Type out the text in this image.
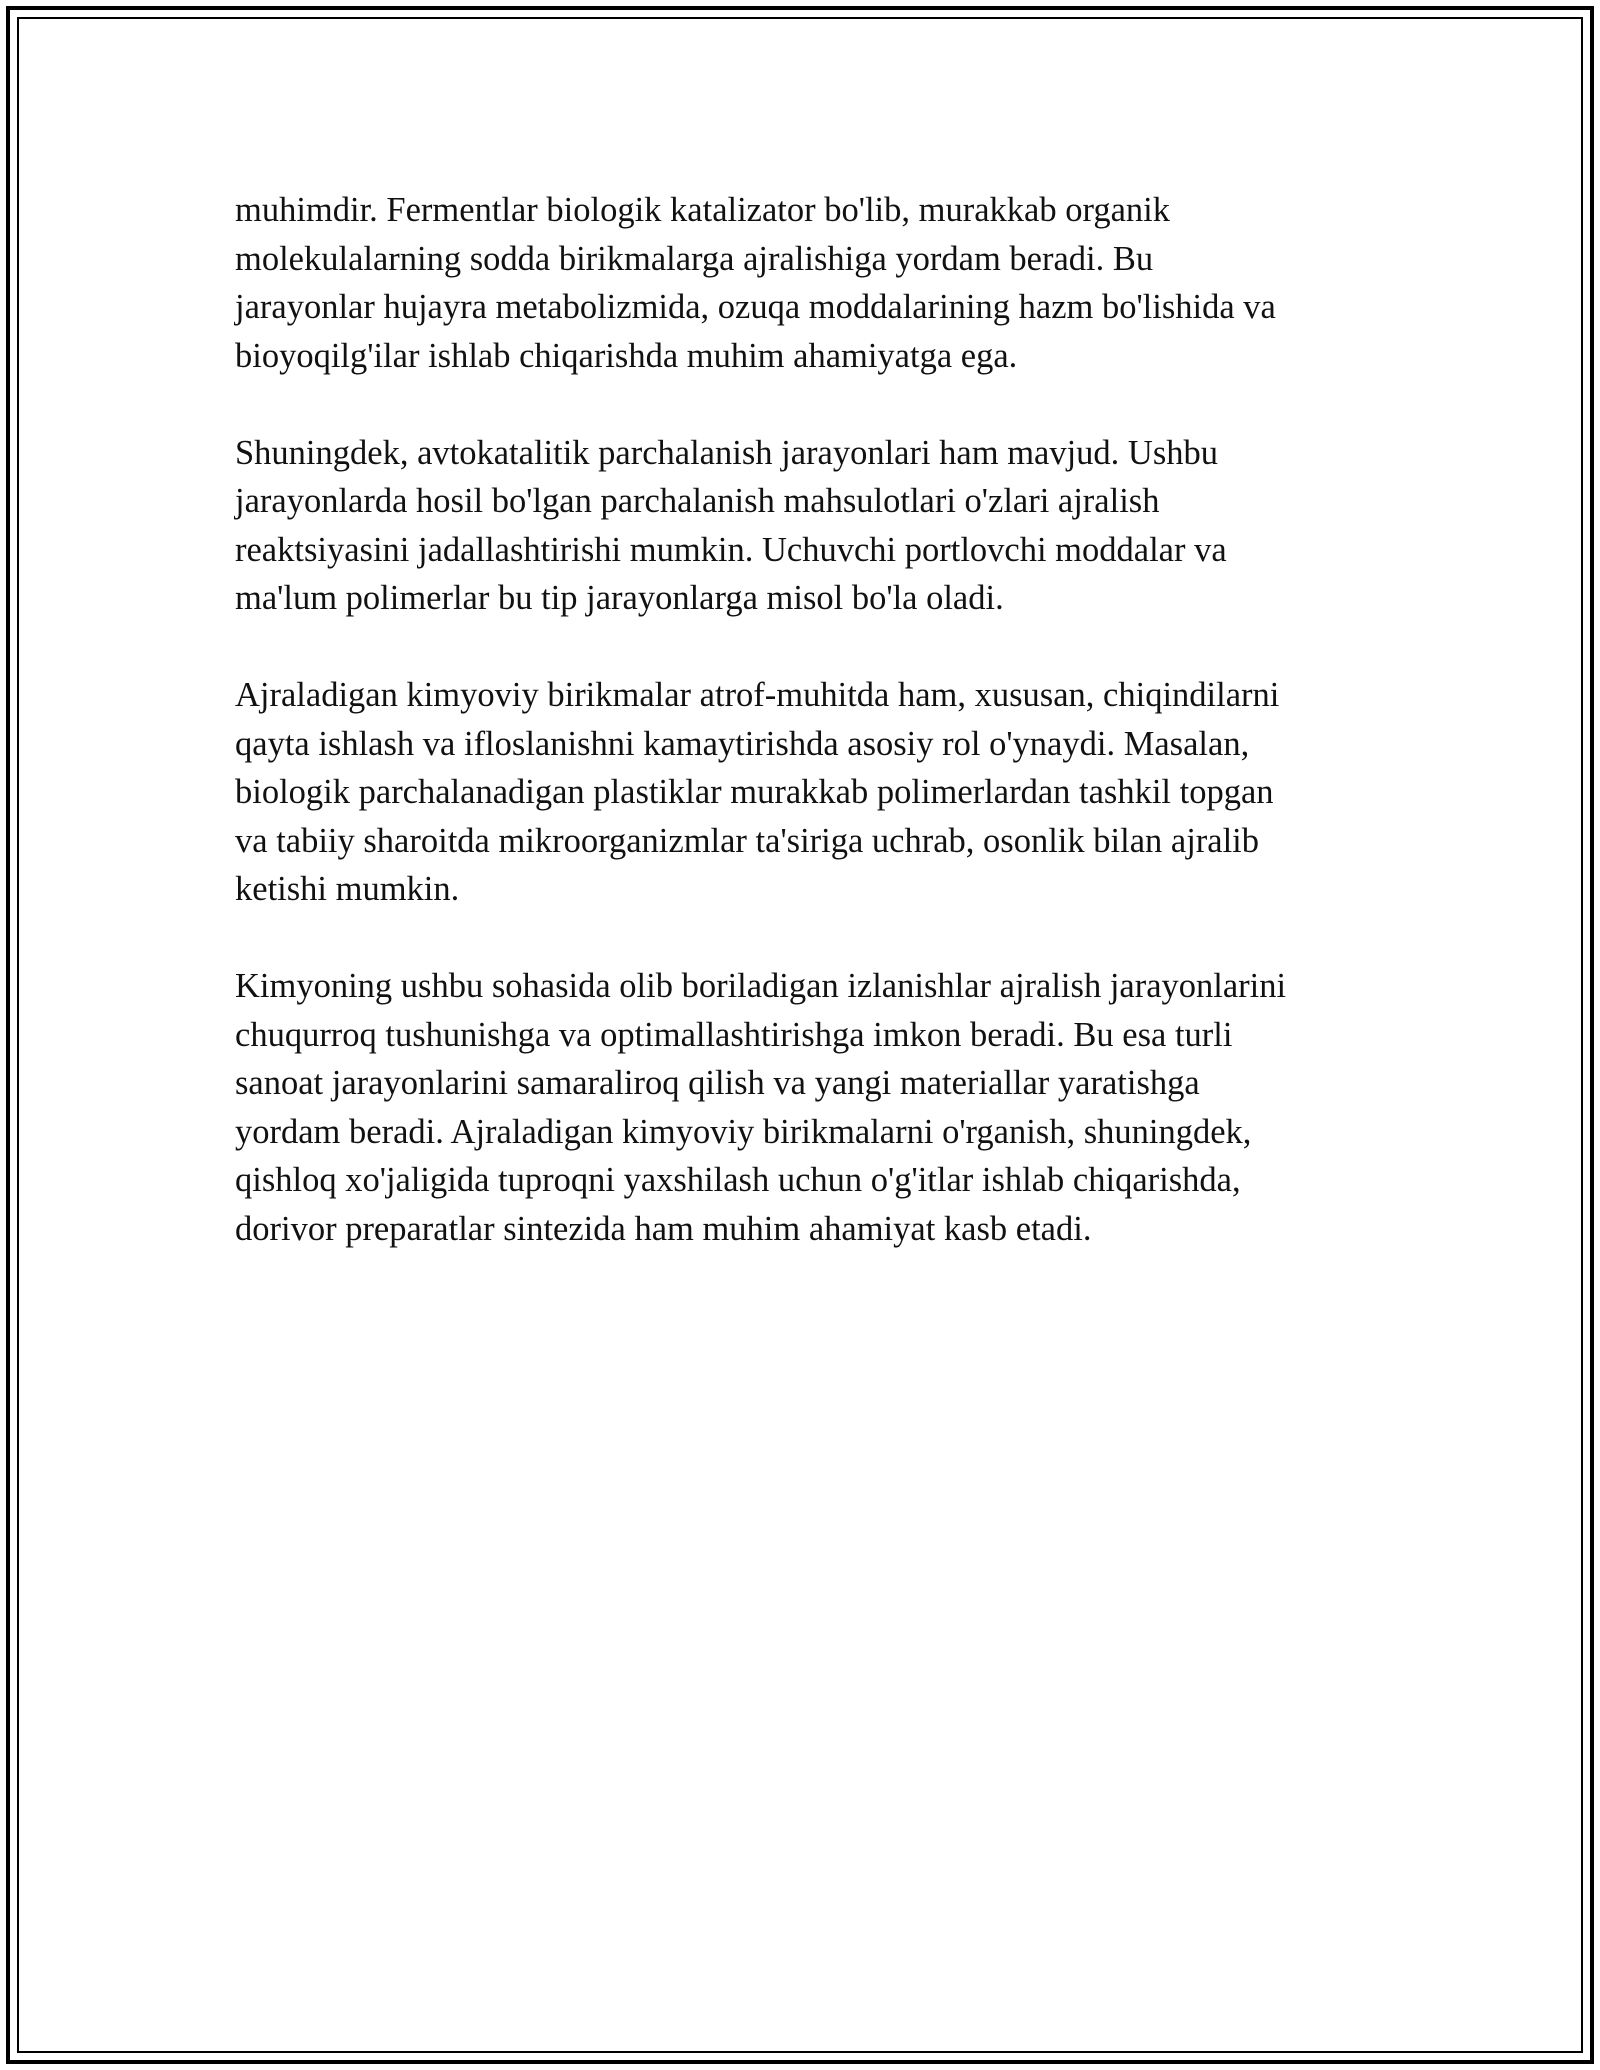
muhimdir. Fermentlar biologik katalizator bo'lib, murakkab organik
molekulalarning sodda birikmalarga ajralishiga yordam beradi. Bu
jarayonlar hujayra metabolizmida, ozuqa moddalarining hazm bo'lishida va
bioyoqilg'ilar ishlab chiqarishda muhim ahamiyatga ega.

Shuningdek, avtokatalitik parchalanish jarayonlari ham mavjud. Ushbu
jarayonlarda hosil bo'lgan parchalanish mahsulotlari o'zlari ajralish
reaktsiyasini jadallashtirishi mumkin. Uchuvchi portlovchi moddalar va
ma'lum polimerlar bu tip jarayonlarga misol bo'la oladi.

Ajraladigan kimyoviy birikmalar atrof-muhitda ham, xususan, chiqindilarni
qayta ishlash va ifloslanishni kamaytirishda asosiy rol o'ynaydi. Masalan,
biologik parchalanadigan plastiklar murakkab polimerlardan tashkil topgan
va tabiiy sharoitda mikroorganizmlar ta'siriga uchrab, osonlik bilan ajralib
ketishi mumkin.

Kimyoning ushbu sohasida olib boriladigan izlanishlar ajralish jarayonlarini
chuqurroq tushunishga va optimallashtirishga imkon beradi. Bu esa turli
sanoat jarayonlarini samaraliroq qilish va yangi materiallar yaratishga
yordam beradi. Ajraladigan kimyoviy birikmalarni o'rganish, shuningdek,
qishloq xo'jaligida tuproqni yaxshilash uchun o'g'itlar ishlab chiqarishda,
dorivor preparatlar sintezida ham muhim ahamiyat kasb etadi.
